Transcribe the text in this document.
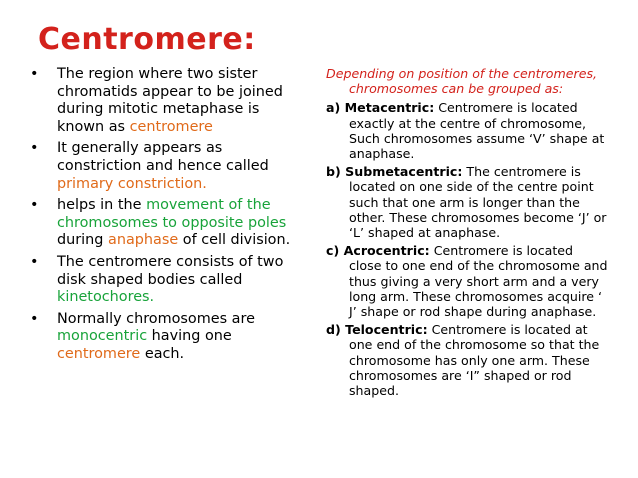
Centromere:
• The region where two sister chromatids appear to be joined during mitotic metaphase is known as centromere
• It generally appears as constriction and hence called primary constriction.
• helps in the movement of the chromosomes to opposite poles during anaphase of cell division.
• The centromere consists of two disk shaped bodies called kinetochores.
• Normally chromosomes are monocentric having one centromere each.
Depending on position of the centromeres, chromosomes can be grouped as:
a) Metacentric: Centromere is located exactly at the centre of chromosome, Such chromosomes assume ‘V’ shape at anaphase.
b) Submetacentric: The centromere is located on one side of the centre point such that one arm is longer than the other. These chromosomes become ‘J’ or ‘L’ shaped at anaphase.
c) Acrocentric: Centromere is located close to one end of the chromosome and thus giving a very short arm and a very long arm. These chromosomes acquire ‘ J’ shape or rod shape during anaphase.
d) Telocentric: Centromere is located at one end of the chromosome so that the chromosome has only one arm. These chromosomes are ‘I” shaped or rod shaped.
